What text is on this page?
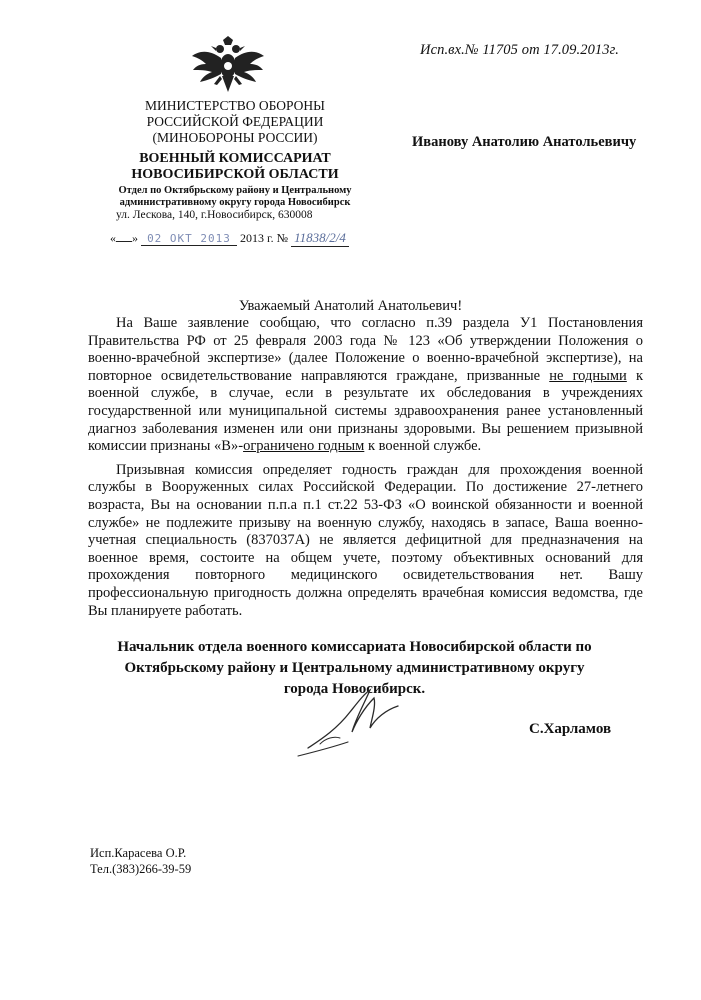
Исп.вх.№ 11705 от 17.09.2013г.
МИНИСТЕРСТВО ОБОРОНЫ
РОССИЙСКОЙ ФЕДЕРАЦИИ
(МИНОБОРОНЫ РОССИИ)
ВОЕННЫЙ КОМИССАРИАТ
НОВОСИБИРСКОЙ ОБЛАСТИ
Отдел по Октябрьскому району и Центральному
административному округу города Новосибирск
ул. Лескова, 140, г.Новосибирск, 630008
« » 02 ОКТ 2013 2013 г. № 11838/2/4
Иванову Анатолию Анатольевичу
Уважаемый Анатолий Анатольевич!

На Ваше заявление сообщаю, что согласно п.39 раздела У1 Постановления Правительства РФ от 25 февраля 2003 года № 123 «Об утверждении Положения о военно-врачебной экспертизе» (далее Положение о военно-врачебной экспертизе), на повторное освидетельствование направляются граждане, призванные не годными к военной службе, в случае, если в результате их обследования в учреждениях государственной или муниципальной системы здравоохранения ранее установленный диагноз заболевания изменен или они признаны здоровыми. Вы решением призывной комиссии признаны «В»-ограничено годным к военной службе.

Призывная комиссия определяет годность граждан для прохождения военной службы в Вооруженных силах Российской Федерации. По достижение 27-летнего возраста, Вы на основании п.п.а п.1 ст.22 53-ФЗ «О воинской обязанности и военной службе» не подлежите призыву на военную службу, находясь в запасе, Ваша военно-учетная специальность (837037А) не является дефицитной для предназначения на военное время, состоите на общем учете, поэтому объективных оснований для прохождения повторного медицинского освидетельствования нет. Вашу профессиональную пригодность должна определять врачебная комиссия ведомства, где Вы планируете работать.

Начальник отдела военного комиссариата Новосибирской области по
Октябрьскому району и Центральному административному округу
города Новосибирск.
С.Харламов
Исп.Карасева О.Р.
Тел.(383)266-39-59
